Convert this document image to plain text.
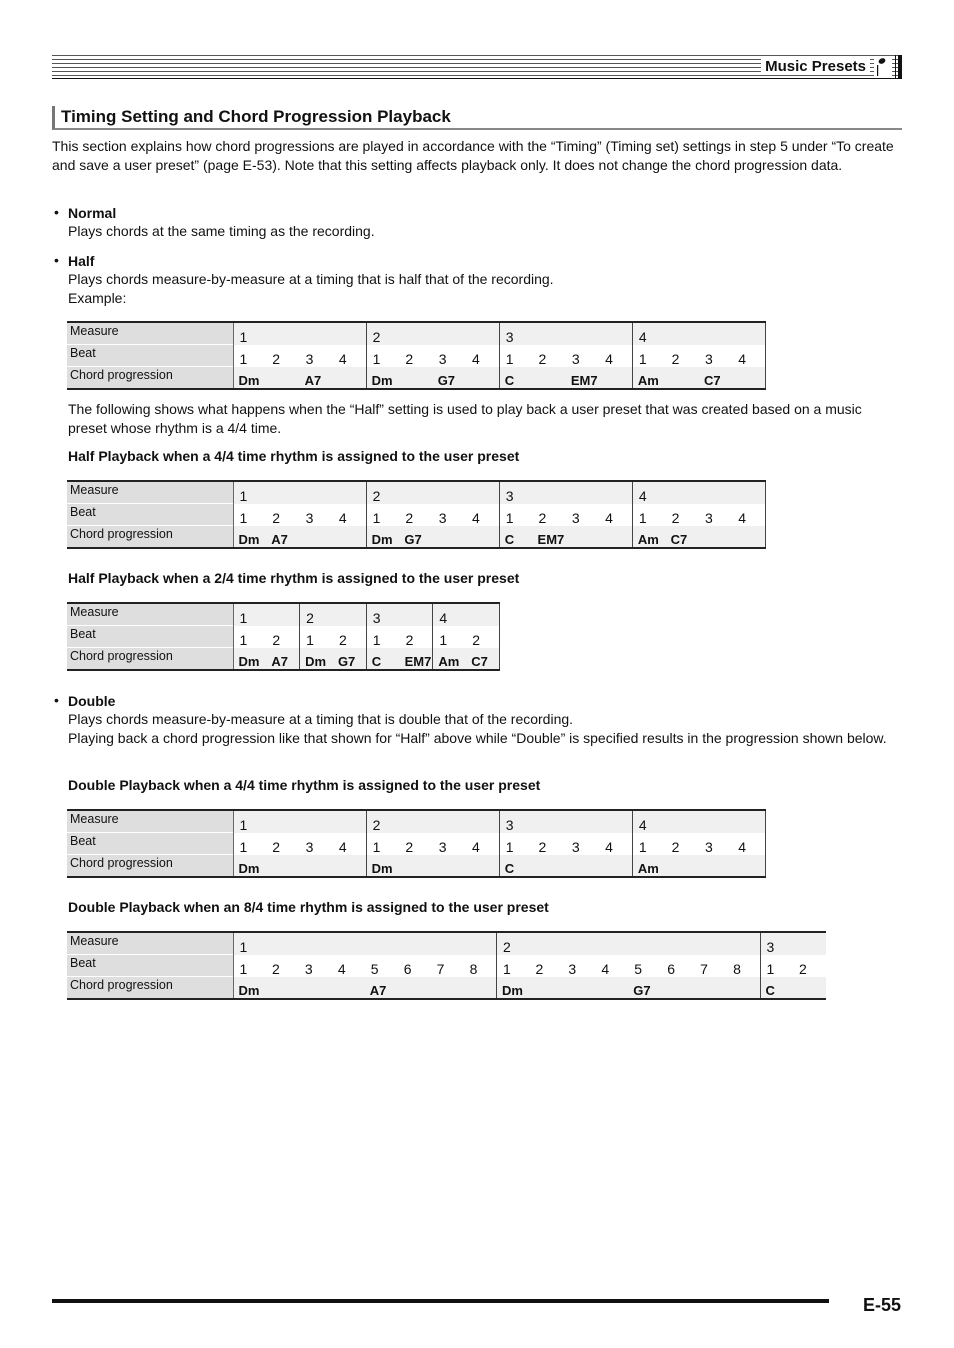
Music Presets
Timing Setting and Chord Progression Playback
This section explains how chord progressions are played in accordance with the “Timing” (Timing set) settings in step 5 under “To create and save a user preset” (page E-53). Note that this setting affects playback only. It does not change the chord progression data.
• Normal
Plays chords at the same timing as the recording.
• Half
Plays chords measure-by-measure at a timing that is half that of the recording.
Example:
Measure	1				2				3				4			
Beat	1	2	3	4	1	2	3	4	1	2	3	4	1	2	3	4
Chord progression	Dm		A7		Dm		G7		C		EM7		Am		C7	
The following shows what happens when the “Half” setting is used to play back a user preset that was created based on a music preset whose rhythm is a 4/4 time.
Half Playback when a 4/4 time rhythm is assigned to the user preset
Measure	1				2				3				4			
Beat	1	2	3	4	1	2	3	4	1	2	3	4	1	2	3	4
Chord progression	Dm	A7			Dm	G7			C	EM7			Am	C7		
Half Playback when a 2/4 time rhythm is assigned to the user preset
Measure	1		2		3		4	
Beat	1	2	1	2	1	2	1	2
Chord progression	Dm	A7	Dm	G7	C	EM7	Am	C7
• Double
Plays chords measure-by-measure at a timing that is double that of the recording.
Playing back a chord progression like that shown for “Half” above while “Double” is specified results in the progression shown below.
Double Playback when a 4/4 time rhythm is assigned to the user preset
Measure	1				2				3				4			
Beat	1	2	3	4	1	2	3	4	1	2	3	4	1	2	3	4
Chord progression	Dm				Dm				C				Am			
Double Playback when an 8/4 time rhythm is assigned to the user preset
Measure	1								2								3	
Beat	1	2	3	4	5	6	7	8	1	2	3	4	5	6	7	8	1	2
Chord progression	Dm				A7				Dm				G7				C	
E-55
